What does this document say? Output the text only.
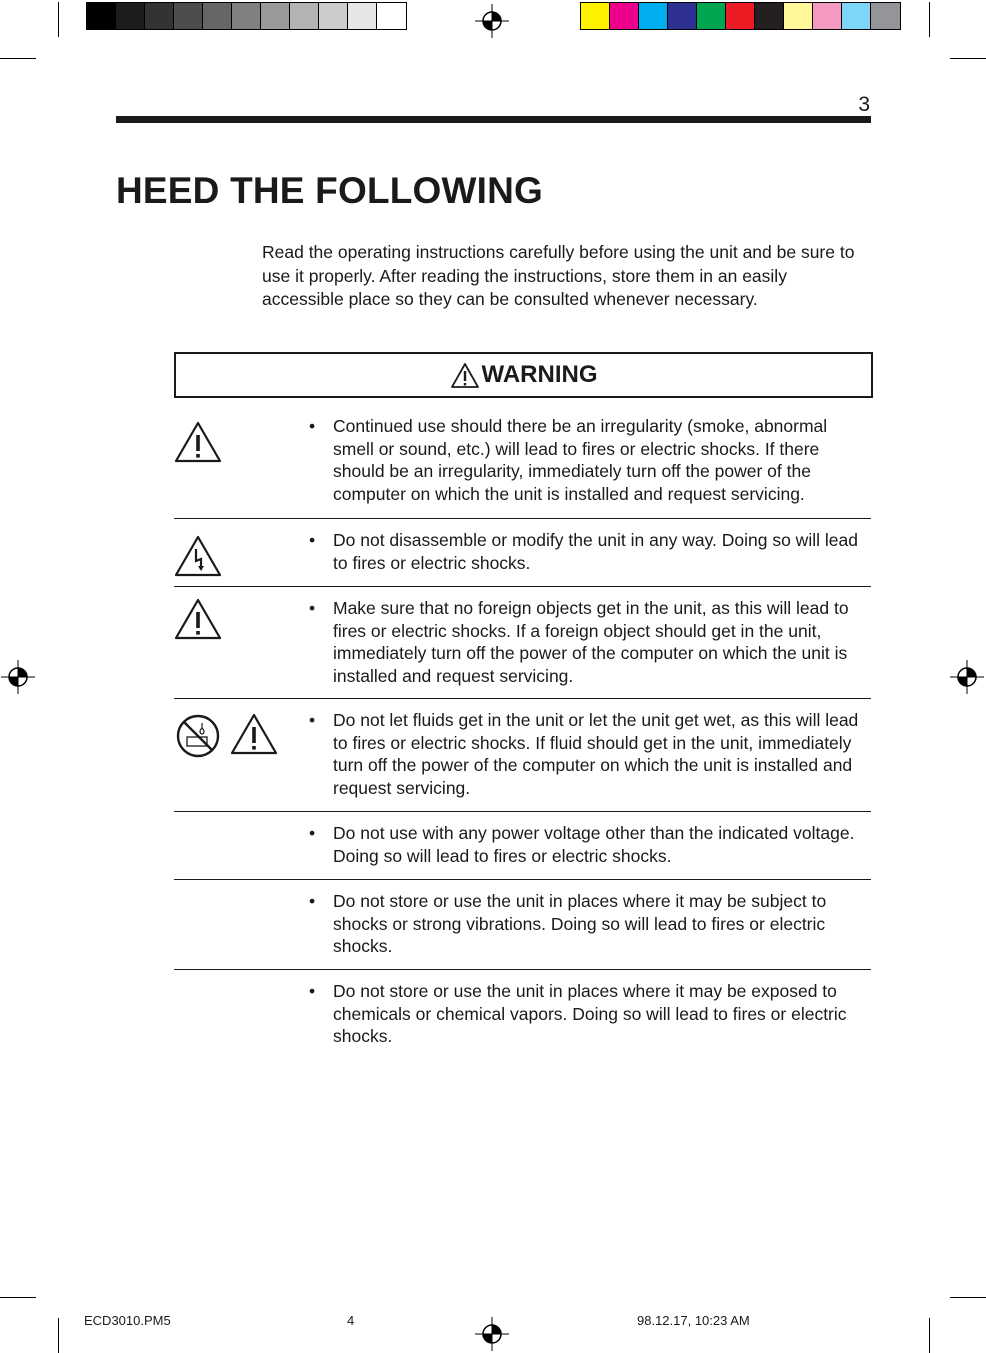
3
HEED THE FOLLOWING

Read the operating instructions carefully before using the unit and be sure to use it properly. After reading the instructions, store them in an easily accessible place so they can be consulted whenever necessary.

WARNING
• Continued use should there be an irregularity (smoke, abnormal smell or sound, etc.) will lead to fires or electric shocks. If there should be an irregularity, immediately turn off the power of the computer on which the unit is installed and request servicing.

• Do not disassemble or modify the unit in any way. Doing so will lead to fires or electric shocks.

• Make sure that no foreign objects get in the unit, as this will lead to fires or electric shocks. If a foreign object should get in the unit, immediately turn off the power of the computer on which the unit is installed and request servicing.

• Do not let fluids get in the unit or let the unit get wet, as this will lead to fires or electric shocks. If fluid should get in the unit, immediately turn off the power of the computer on which the unit is installed and request servicing.

• Do not use with any power voltage other than the indicated voltage. Doing so will lead to fires or electric shocks.

• Do not store or use the unit in places where it may be subject to shocks or strong vibrations. Doing so will lead to fires or electric shocks.

• Do not store or use the unit in places where it may be exposed to chemicals or chemical vapors. Doing so will lead to fires or electric shocks.

ECD3010.PM5	4	98.12.17, 10:23 AM
